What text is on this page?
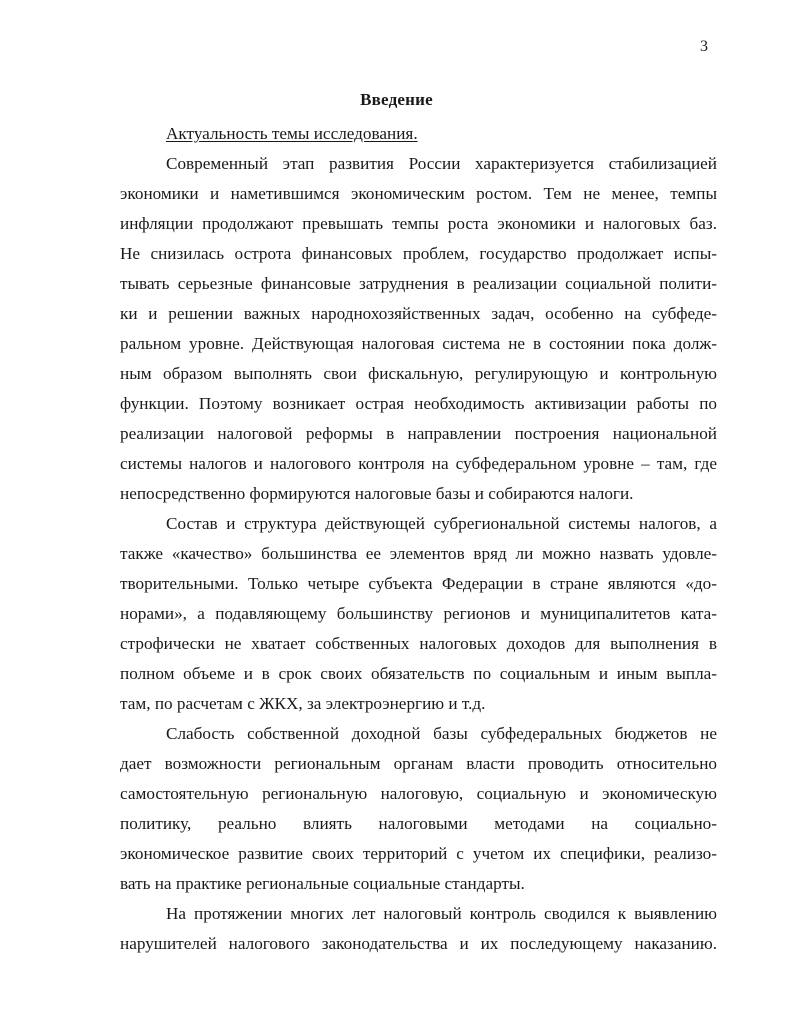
3
Введение
Актуальность темы исследования.
Современный этап развития России характеризуется стабилизацией
экономики и наметившимся экономическим ростом. Тем не менее, темпы
инфляции продолжают превышать темпы роста экономики и налоговых баз.
Не снизилась острота финансовых проблем, государство продолжает испы-
тывать серьезные финансовые затруднения в реализации социальной полити-
ки и решении важных народнохозяйственных задач, особенно на субфеде-
ральном уровне. Действующая налоговая система не в состоянии пока долж-
ным образом выполнять свои фискальную, регулирующую и контрольную
функции. Поэтому возникает острая необходимость активизации работы по
реализации налоговой реформы в направлении построения национальной
системы налогов и налогового контроля на субфедеральном уровне – там, где
непосредственно формируются налоговые базы и собираются налоги.
Состав и структура действующей субрегиональной системы налогов, а
также «качество» большинства ее элементов вряд ли можно назвать удовле-
творительными. Только четыре субъекта Федерации в стране являются «до-
норами», а подавляющему большинству регионов и муниципалитетов ката-
строфически не хватает собственных налоговых доходов для выполнения в
полном объеме и в срок своих обязательств по социальным и иным выпла-
там, по расчетам с ЖКХ, за электроэнергию и т.д.
Слабость собственной доходной базы субфедеральных бюджетов не
дает возможности региональным органам власти проводить относительно
самостоятельную региональную налоговую, социальную и экономическую
политику, реально влиять налоговыми методами на социально-
экономическое развитие своих территорий с учетом их специфики, реализо-
вать на практике региональные социальные стандарты.
На протяжении многих лет налоговый контроль сводился к выявлению
нарушителей налогового законодательства и их последующему наказанию.
